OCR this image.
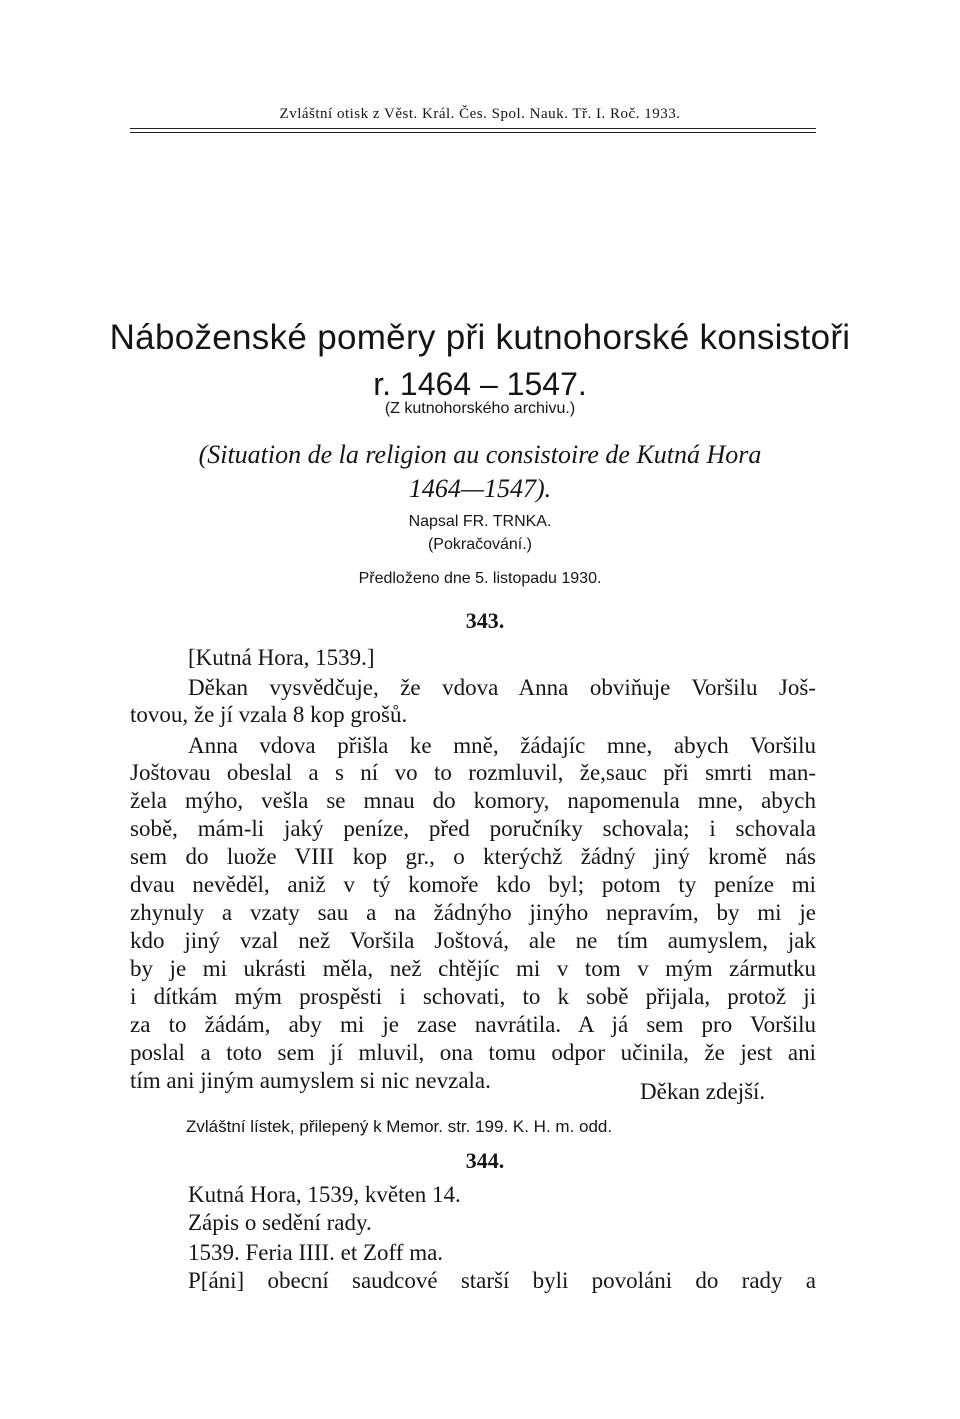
Zvláštní otisk z Věst. Král. Čes. Spol. Nauk. Tř. I. Roč. 1933.
Náboženské poměry při kutnohorské konsistoři
r. 1464 – 1547.
(Z kutnohorského archivu.)
(Situation de la religion au consistoire de Kutná Hora
1464—1547).
Napsal FR. TRNKA.
(Pokračování.)
Předloženo dne 5. listopadu 1930.
343.
[Kutná Hora, 1539.]
Děkan vysvědčuje, že vdova Anna obviňuje Voršilu Još-
tovou, že jí vzala 8 kop grošů.
Anna vdova přišla ke mně, žádajíc mne, abych Voršilu
Joštovau obeslal a s ní vo to rozmluvil, že,sauc při smrti man-
žela mýho, vešla se mnau do komory, napomenula mne, abych
sobě, mám-li jaký peníze, před poručníky schovala; i schovala
sem do luože VIII kop gr., o kterýchž žádný jiný kromě nás
dvau nevěděl, aniž v tý komoře kdo byl; potom ty peníze mi
zhynuly a vzaty sau a na žádnýho jinýho nepravím, by mi je
kdo jiný vzal než Voršila Joštová, ale ne tím aumyslem, jak
by je mi ukrásti měla, než chtějíc mi v tom v mým zármutku
i dítkám mým prospěsti i schovati, to k sobě přijala, protož ji
za to žádám, aby mi je zase navrátila. A já sem pro Voršilu
poslal a toto sem jí mluvil, ona tomu odpor učinila, že jest ani
tím ani jiným aumyslem si nic nevzala.	Děkan zdejší.
Zvláštní lístek, přilepený k Memor. str. 199. K. H. m. odd.
344.
Kutná Hora, 1539, květen 14.
Zápis o sedění rady.
1539. Feria IIII. et Zoff ma.
P[áni] obecní saudcové starší byli povoláni do rady a
